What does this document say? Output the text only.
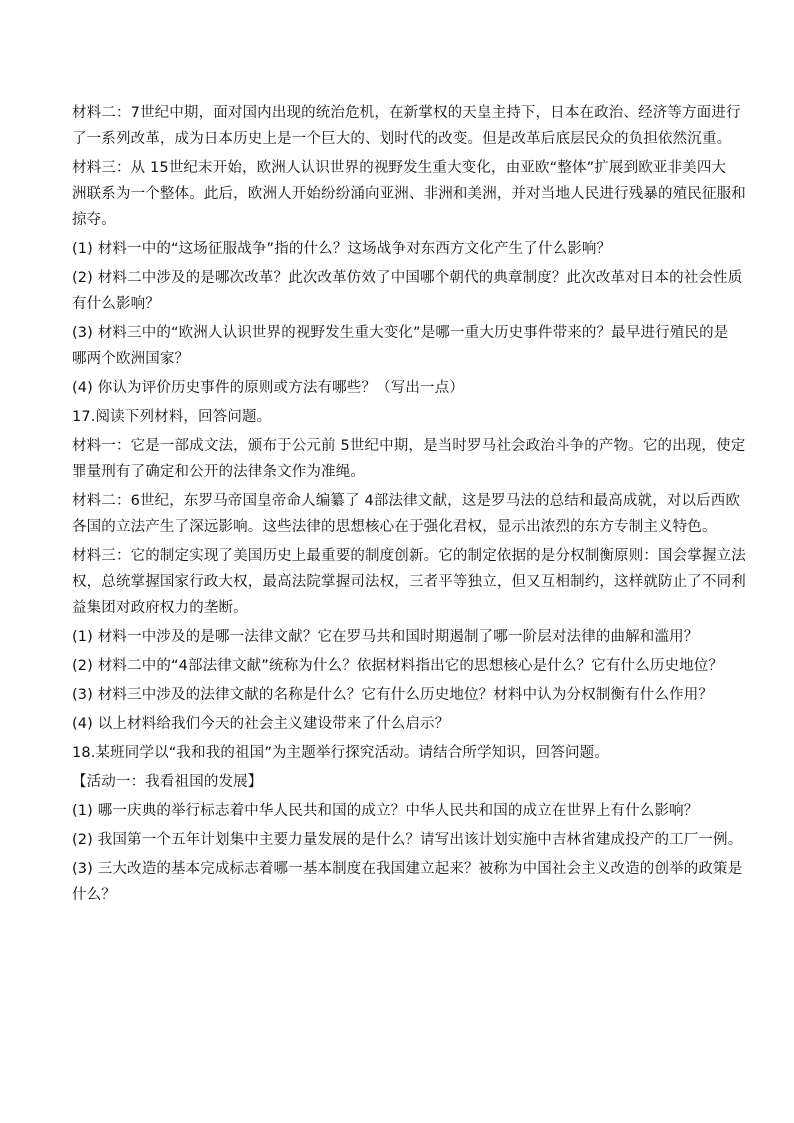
材料二：7世纪中期，面对国内出现的统治危机，在新掌权的天皇主持下，日本在政治、经济等方面进行
了一系列改革，成为日本历史上是一个巨大的、划时代的改变。但是改革后底层民众的负担依然沉重。
材料三：从 15世纪末开始，欧洲人认识世界的视野发生重大变化，由亚欧“整体”扩展到欧亚非美四大
洲联系为一个整体。此后，欧洲人开始纷纷涌向亚洲、非洲和美洲，并对当地人民进行残暴的殖民征服和
掠夺。
(1) 材料一中的“这场征服战争”指的什么？这场战争对东西方文化产生了什么影响？
(2) 材料二中涉及的是哪次改革？此次改革仿效了中国哪个朝代的典章制度？此次改革对日本的社会性质
有什么影响？
(3) 材料三中的“欧洲人认识世界的视野发生重大变化”是哪一重大历史事件带来的？最早进行殖民的是
哪两个欧洲国家？
(4) 你认为评价历史事件的原则或方法有哪些？（写出一点）
17.阅读下列材料，回答问题。
材料一：它是一部成文法，颁布于公元前 5世纪中期，是当时罗马社会政治斗争的产物。它的出现，使定
罪量刑有了确定和公开的法律条文作为准绳。
材料二：6世纪，东罗马帝国皇帝命人编纂了 4部法律文献，这是罗马法的总结和最高成就，对以后西欧
各国的立法产生了深远影响。这些法律的思想核心在于强化君权，显示出浓烈的东方专制主义特色。
材料三：它的制定实现了美国历史上最重要的制度创新。它的制定依据的是分权制衡原则：国会掌握立法
权，总统掌握国家行政大权，最高法院掌握司法权，三者平等独立，但又互相制约，这样就防止了不同利
益集团对政府权力的垄断。
(1) 材料一中涉及的是哪一法律文献？它在罗马共和国时期遏制了哪一阶层对法律的曲解和滥用？
(2) 材料二中的“4部法律文献”统称为什么？依据材料指出它的思想核心是什么？它有什么历史地位？
(3) 材料三中涉及的法律文献的名称是什么？它有什么历史地位？材料中认为分权制衡有什么作用？
(4) 以上材料给我们今天的社会主义建设带来了什么启示？
18.某班同学以“我和我的祖国”为主题举行探究活动。请结合所学知识，回答问题。
【活动一：我看祖国的发展】
(1) 哪一庆典的举行标志着中华人民共和国的成立？中华人民共和国的成立在世界上有什么影响？
(2) 我国第一个五年计划集中主要力量发展的是什么？请写出该计划实施中吉林省建成投产的工厂一例。
(3) 三大改造的基本完成标志着哪一基本制度在我国建立起来？被称为中国社会主义改造的创举的政策是
什么？
